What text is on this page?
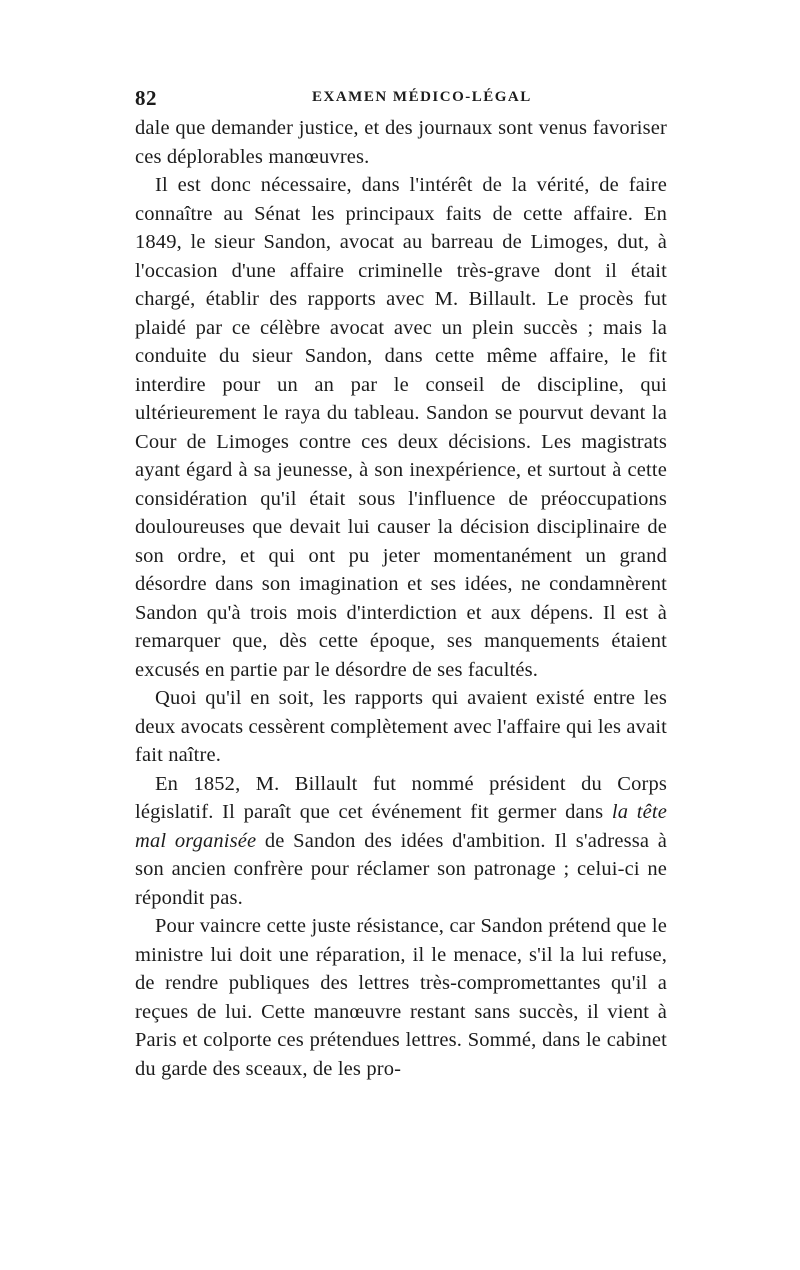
82	EXAMEN MÉDICO-LÉGAL

dale que demander justice, et des journaux sont venus favoriser ces déplorables manœuvres.

Il est donc nécessaire, dans l'intérêt de la vérité, de faire connaître au Sénat les principaux faits de cette affaire. En 1849, le sieur Sandon, avocat au barreau de Limoges, dut, à l'occasion d'une affaire criminelle très-grave dont il était chargé, établir des rapports avec M. Billault. Le procès fut plaidé par ce célèbre avocat avec un plein succès ; mais la conduite du sieur Sandon, dans cette même affaire, le fit interdire pour un an par le conseil de discipline, qui ultérieurement le raya du tableau. Sandon se pourvut devant la Cour de Limoges contre ces deux décisions. Les magistrats ayant égard à sa jeunesse, à son inexpérience, et surtout à cette considération qu'il était sous l'influence de préoccupations douloureuses que devait lui causer la décision disciplinaire de son ordre, et qui ont pu jeter momentanément un grand désordre dans son imagination et ses idées, ne condamnèrent Sandon qu'à trois mois d'interdiction et aux dépens. Il est à remarquer que, dès cette époque, ses manquements étaient excusés en partie par le désordre de ses facultés.

Quoi qu'il en soit, les rapports qui avaient existé entre les deux avocats cessèrent complètement avec l'affaire qui les avait fait naître.

En 1852, M. Billault fut nommé président du Corps législatif. Il paraît que cet événement fit germer dans la tête mal organisée de Sandon des idées d'ambition. Il s'adressa à son ancien confrère pour réclamer son patronage ; celui-ci ne répondit pas.

Pour vaincre cette juste résistance, car Sandon prétend que le ministre lui doit une réparation, il le menace, s'il la lui refuse, de rendre publiques des lettres très-compromettantes qu'il a reçues de lui. Cette manœuvre restant sans succès, il vient à Paris et colporte ces prétendues lettres. Sommé, dans le cabinet du garde des sceaux, de les pro-
